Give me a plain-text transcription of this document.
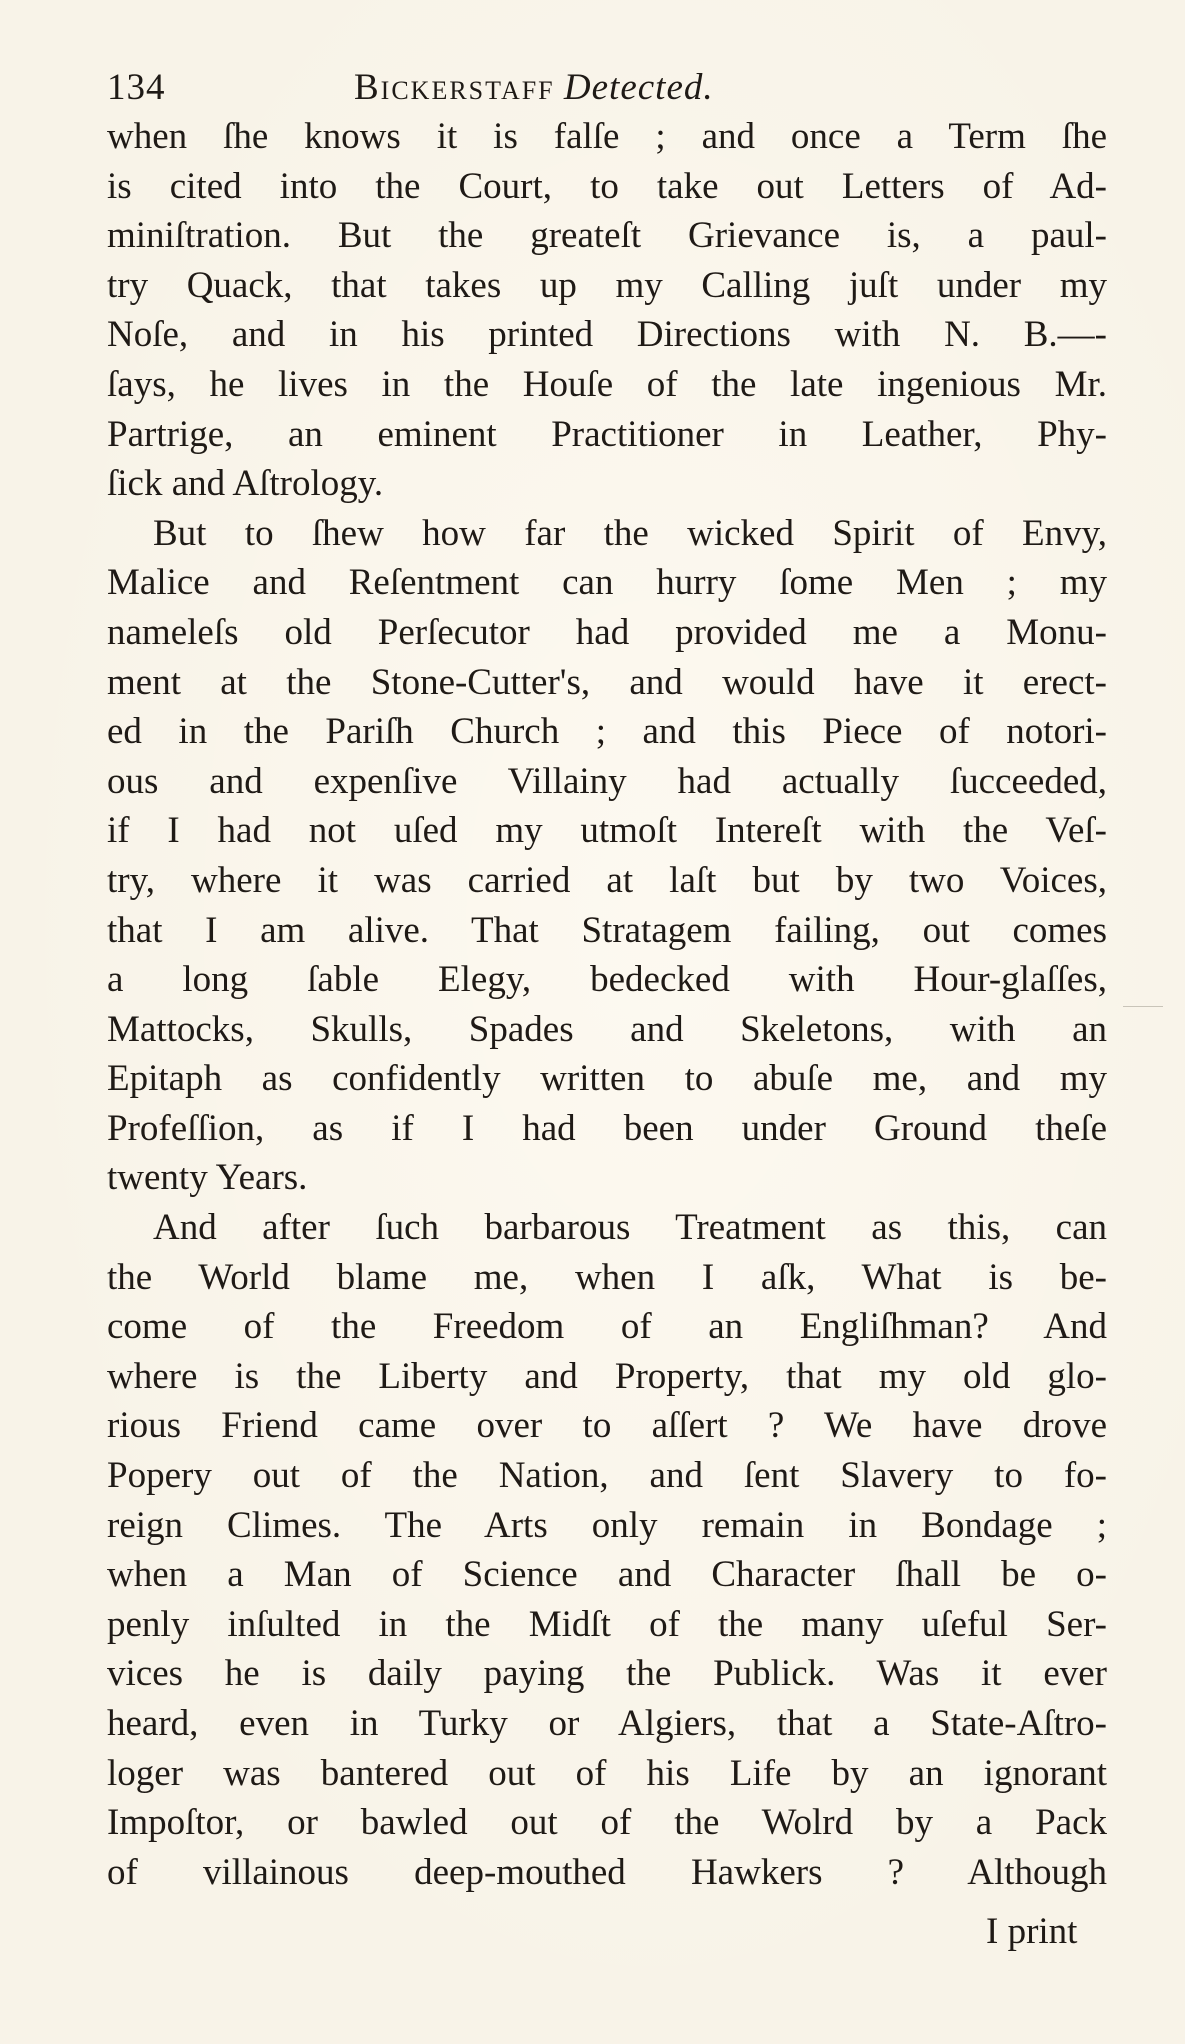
134	Bickerstaff Detected.
when ſhe knows it is falſe ; and once a Term ſhe
is cited into the Court, to take out Letters of Ad-
miniſtration. But the greateſt Grievance is, a paul-
try Quack, that takes up my Calling juſt under my
Noſe, and in his printed Directions with N. B.—-
ſays, he lives in the Houſe of the late ingenious Mr.
Partrige, an eminent Practitioner in Leather, Phy-
ſick and Aſtrology.
But to ſhew how far the wicked Spirit of Envy,
Malice and Reſentment can hurry ſome Men ; my
nameleſs old Perſecutor had provided me a Monu-
ment at the Stone-Cutter's, and would have it erect-
ed in the Pariſh Church ; and this Piece of notori-
ous and expenſive Villainy had actually ſucceeded,
if I had not uſed my utmoſt Intereſt with the Veſ-
try, where it was carried at laſt but by two Voices,
that I am alive. That Stratagem failing, out comes
a long ſable Elegy, bedecked with Hour-glaſſes,
Mattocks, Skulls, Spades and Skeletons, with an
Epitaph as confidently written to abuſe me, and my
Profeſſion, as if I had been under Ground theſe
twenty Years.
And after ſuch barbarous Treatment as this, can
the World blame me, when I aſk, What is be-
come of the Freedom of an Engliſhman? And
where is the Liberty and Property, that my old glo-
rious Friend came over to aſſert ? We have drove
Popery out of the Nation, and ſent Slavery to fo-
reign Climes. The Arts only remain in Bondage ;
when a Man of Science and Character ſhall be o-
penly inſulted in the Midſt of the many uſeful Ser-
vices he is daily paying the Publick. Was it ever
heard, even in Turky or Algiers, that a State-Aſtro-
loger was bantered out of his Life by an ignorant
Impoſtor, or bawled out of the Wolrd by a Pack
of villainous deep-mouthed Hawkers ? Although
I print
